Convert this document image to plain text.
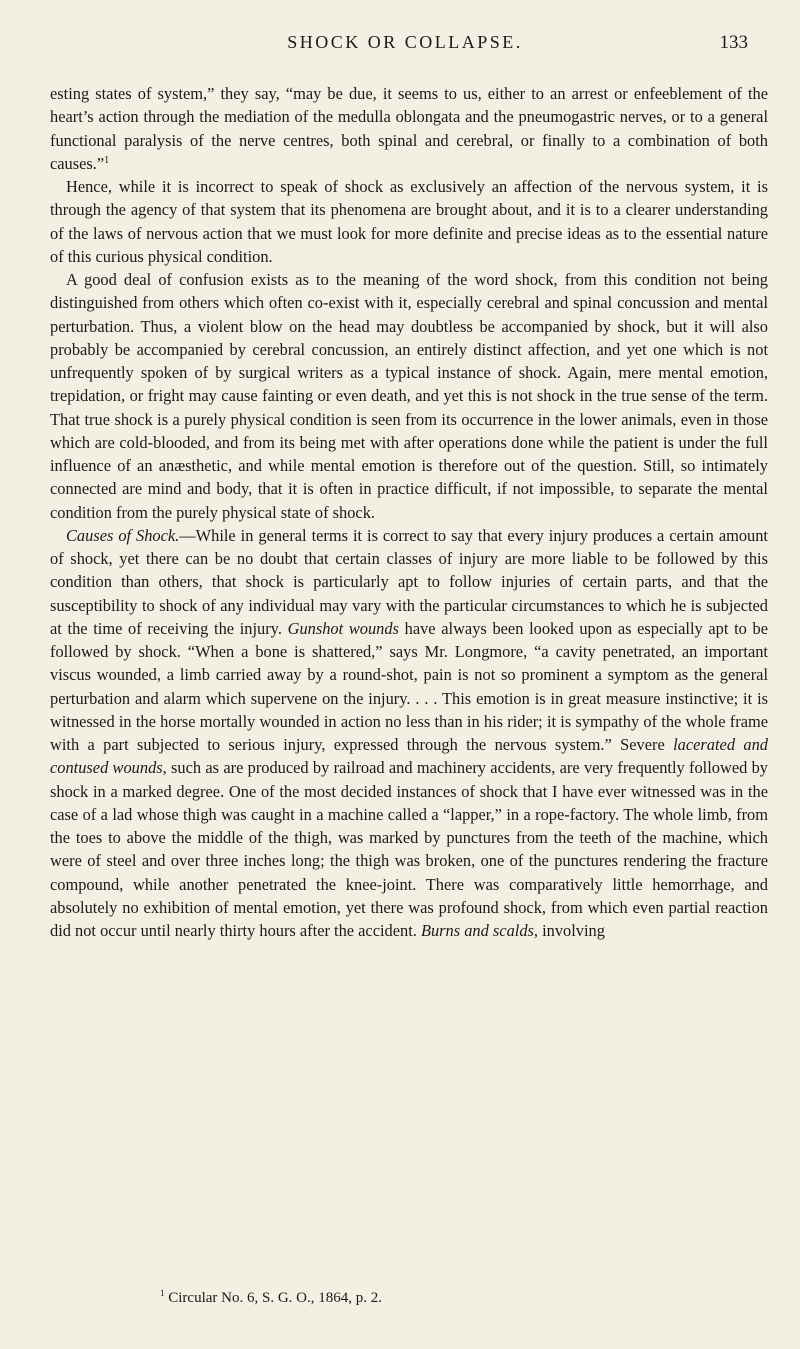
SHOCK OR COLLAPSE.	133

esting states of system,” they say, “may be due, it seems to us, either to an arrest or enfeeblement of the heart’s action through the mediation of the medulla oblongata and the pneumogastric nerves, or to a general functional paralysis of the nerve centres, both spinal and cerebral, or finally to a combination of both causes.”$^1$

Hence, while it is incorrect to speak of shock as exclusively an affection of the nervous system, it is through the agency of that system that its phenomena are brought about, and it is to a clearer understanding of the laws of nervous action that we must look for more definite and precise ideas as to the essential nature of this curious physical condition.

A good deal of confusion exists as to the meaning of the word shock, from this condition not being distinguished from others which often co-exist with it, especially cerebral and spinal concussion and mental perturbation. Thus, a violent blow on the head may doubtless be accompanied by shock, but it will also probably be accompanied by cerebral concussion, an entirely distinct affection, and yet one which is not unfrequently spoken of by surgical writers as a typical instance of shock. Again, mere mental emotion, trepidation, or fright may cause fainting or even death, and yet this is not shock in the true sense of the term. That true shock is a purely physical condition is seen from its occurrence in the lower animals, even in those which are cold-blooded, and from its being met with after operations done while the patient is under the full influence of an anæsthetic, and while mental emotion is therefore out of the question. Still, so intimately connected are mind and body, that it is often in practice difficult, if not impossible, to separate the mental condition from the purely physical state of shock.

Causes of Shock.—While in general terms it is correct to say that every injury produces a certain amount of shock, yet there can be no doubt that certain classes of injury are more liable to be followed by this condition than others, that shock is particularly apt to follow injuries of certain parts, and that the susceptibility to shock of any individual may vary with the particular circumstances to which he is subjected at the time of receiving the injury. Gunshot wounds have always been looked upon as especially apt to be followed by shock. “When a bone is shattered,” says Mr. Longmore, “a cavity penetrated, an important viscus wounded, a limb carried away by a round-shot, pain is not so prominent a symptom as the general perturbation and alarm which supervene on the injury. . . . This emotion is in great measure instinctive; it is witnessed in the horse mortally wounded in action no less than in his rider; it is sympathy of the whole frame with a part subjected to serious injury, expressed through the nervous system.” Severe lacerated and contused wounds, such as are produced by railroad and machinery accidents, are very frequently followed by shock in a marked degree. One of the most decided instances of shock that I have ever witnessed was in the case of a lad whose thigh was caught in a machine called a “lapper,” in a rope-factory. The whole limb, from the toes to above the middle of the thigh, was marked by punctures from the teeth of the machine, which were of steel and over three inches long; the thigh was broken, one of the punctures rendering the fracture compound, while another penetrated the knee-joint. There was comparatively little hemorrhage, and absolutely no exhibition of mental emotion, yet there was profound shock, from which even partial reaction did not occur until nearly thirty hours after the accident. Burns and scalds, involving

$^1$ Circular No. 6, S. G. O., 1864, p. 2.
